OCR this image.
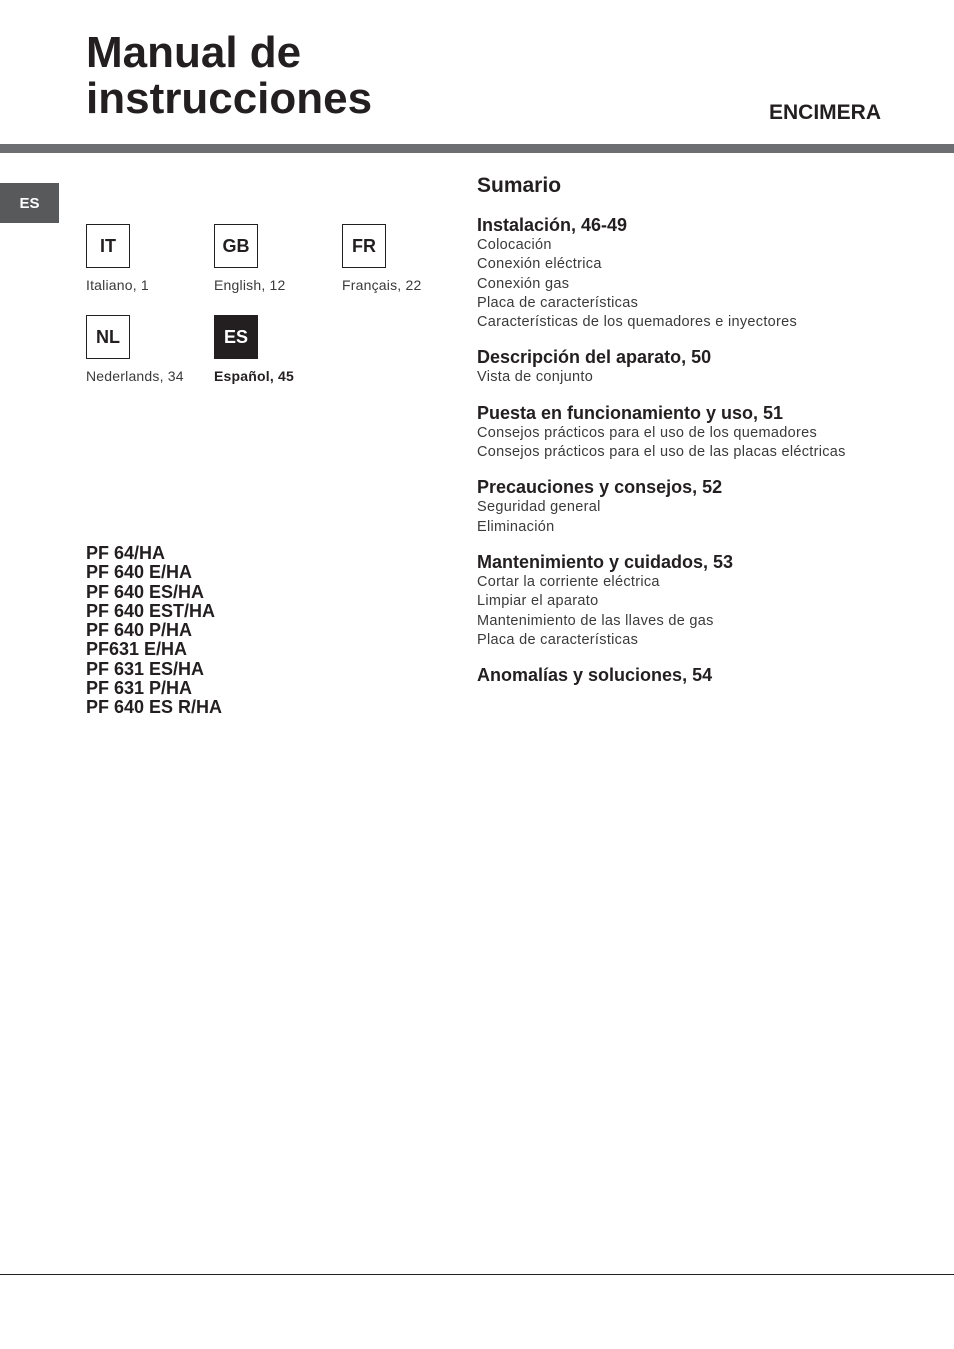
Manual de
instrucciones	ENCIMERA
ES
IT
Italiano, 1
GB
English, 12
FR
Français, 22
NL
Nederlands, 34
ES
Español, 45
PF 64/HA
PF 640 E/HA
PF 640 ES/HA
PF 640 EST/HA
PF 640 P/HA
PF631 E/HA
PF 631 ES/HA
PF 631 P/HA
PF 640 ES R/HA
Sumario
Instalación, 46-49
Colocación
Conexión eléctrica
Conexión gas
Placa de características
Características de los quemadores e inyectores
Descripción del aparato, 50
Vista de conjunto
Puesta en funcionamiento y uso, 51
Consejos prácticos para el uso de los quemadores
Consejos prácticos para el uso de las placas eléctricas
Precauciones y consejos, 52
Seguridad general
Eliminación
Mantenimiento y cuidados, 53
Cortar la corriente eléctrica
Limpiar el aparato
Mantenimiento de las llaves de gas
Placa de características
Anomalías y soluciones, 54
